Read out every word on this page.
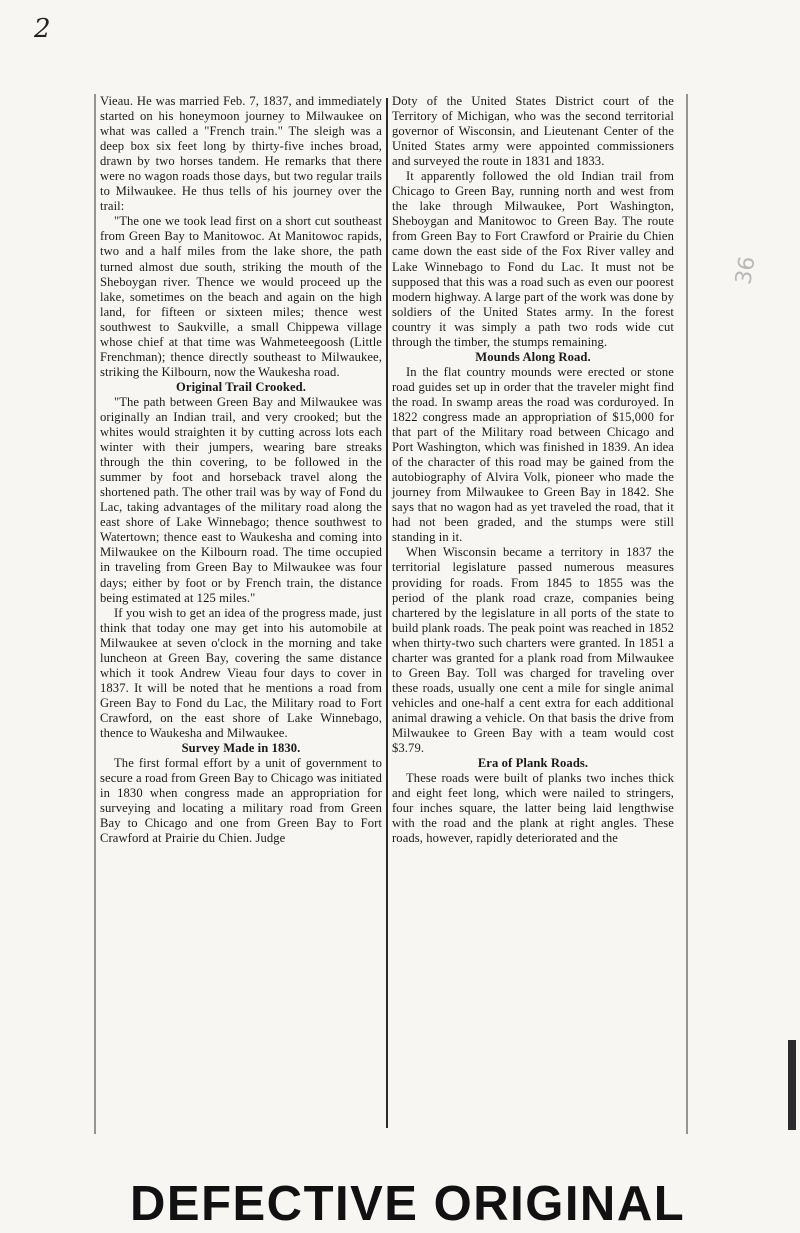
2
36

Vieau. He was married Feb. 7, 1837, and immediately started on his honeymoon journey to Milwaukee on what was called a "French train." The sleigh was a deep box six feet long by thirty-five inches broad, drawn by two horses tandem. He remarks that there were no wagon roads those days, but two regular trails to Milwaukee. He thus tells of his journey over the trail:

"The one we took lead first on a short cut southeast from Green Bay to Manitowoc. At Manitowoc rapids, two and a half miles from the lake shore, the path turned almost due south, striking the mouth of the Sheboygan river. Thence we would proceed up the lake, sometimes on the beach and again on the high land, for fifteen or sixteen miles; thence west southwest to Saukville, a small Chippewa village whose chief at that time was Wahmeteegoosh (Little Frenchman); thence directly southeast to Milwaukee, striking the Kilbourn, now the Waukesha road.

Original Trail Crooked.

"The path between Green Bay and Milwaukee was originally an Indian trail, and very crooked; but the whites would straighten it by cutting across lots each winter with their jumpers, wearing bare streaks through the thin covering, to be followed in the summer by foot and horseback travel along the shortened path. The other trail was by way of Fond du Lac, taking advantages of the military road along the east shore of Lake Winnebago; thence southwest to Watertown; thence east to Waukesha and coming into Milwaukee on the Kilbourn road. The time occupied in traveling from Green Bay to Milwaukee was four days; either by foot or by French train, the distance being estimated at 125 miles."

If you wish to get an idea of the progress made, just think that today one may get into his automobile at Milwaukee at seven o'clock in the morning and take luncheon at Green Bay, covering the same distance which it took Andrew Vieau four days to cover in 1837. It will be noted that he mentions a road from Green Bay to Fond du Lac, the Military road to Fort Crawford, on the east shore of Lake Winnebago, thence to Waukesha and Milwaukee.

Survey Made in 1830.

The first formal effort by a unit of government to secure a road from Green Bay to Chicago was initiated in 1830 when congress made an appropriation for surveying and locating a military road from Green Bay to Chicago and one from Green Bay to Fort Crawford at Prairie du Chien. Judge

Doty of the United States District court of the Territory of Michigan, who was the second territorial governor of Wisconsin, and Lieutenant Center of the United States army were appointed commissioners and surveyed the route in 1831 and 1833.

It apparently followed the old Indian trail from Chicago to Green Bay, running north and west from the lake through Milwaukee, Port Washington, Sheboygan and Manitowoc to Green Bay. The route from Green Bay to Fort Crawford or Prairie du Chien came down the east side of the Fox River valley and Lake Winnebago to Fond du Lac. It must not be supposed that this was a road such as even our poorest modern highway. A large part of the work was done by soldiers of the United States army. In the forest country it was simply a path two rods wide cut through the timber, the stumps remaining.

Mounds Along Road.

In the flat country mounds were erected or stone road guides set up in order that the traveler might find the road. In swamp areas the road was corduroyed. In 1822 congress made an appropriation of $15,000 for that part of the Military road between Chicago and Port Washington, which was finished in 1839. An idea of the character of this road may be gained from the autobiography of Alvira Volk, pioneer who made the journey from Milwaukee to Green Bay in 1842. She says that no wagon had as yet traveled the road, that it had not been graded, and the stumps were still standing in it.

When Wisconsin became a territory in 1837 the territorial legislature passed numerous measures providing for roads. From 1845 to 1855 was the period of the plank road craze, companies being chartered by the legislature in all ports of the state to build plank roads. The peak point was reached in 1852 when thirty-two such charters were granted. In 1851 a charter was granted for a plank road from Milwaukee to Green Bay. Toll was charged for traveling over these roads, usually one cent a mile for single animal vehicles and one-half a cent extra for each additional animal drawing a vehicle. On that basis the drive from Milwaukee to Green Bay with a team would cost $3.79.

Era of Plank Roads.

These roads were built of planks two inches thick and eight feet long, which were nailed to stringers, four inches square, the latter being laid lengthwise with the road and the plank at right angles. These roads, however, rapidly deteriorated and the

DEFECTIVE ORIGINAL
